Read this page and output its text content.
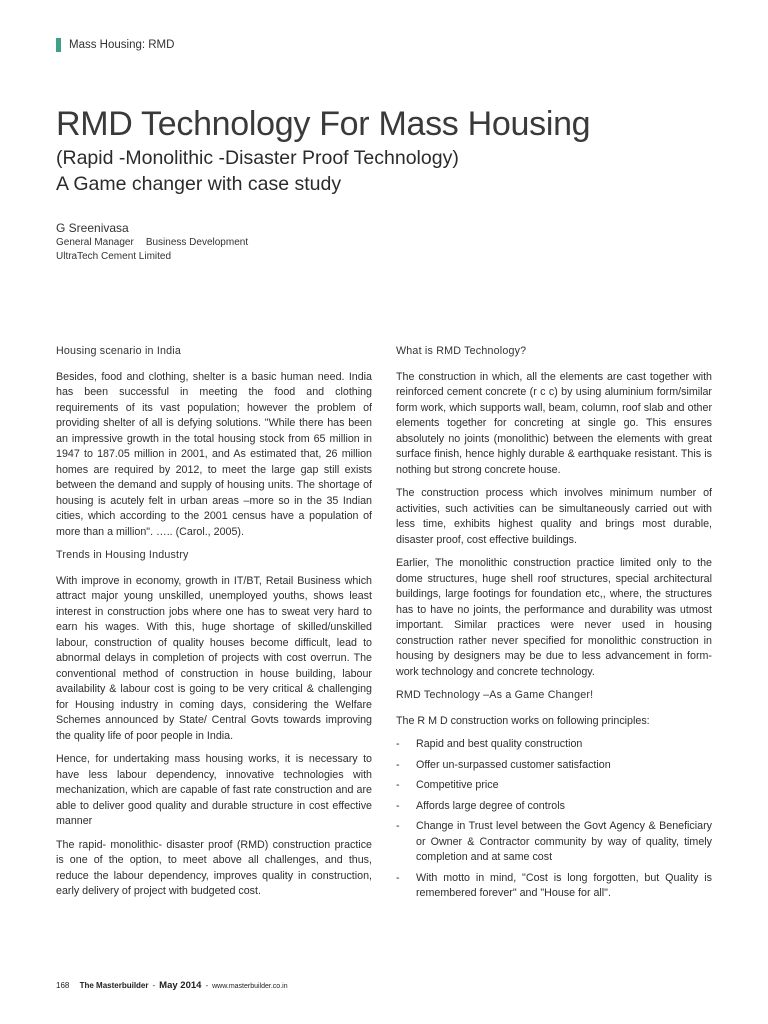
Mass Housing: RMD
RMD Technology For Mass Housing
(Rapid -Monolithic -Disaster Proof Technology)
A Game changer with case study
G Sreenivasa
General Manager Business Development
UltraTech Cement Limited
Housing scenario in India

Besides, food and clothing, shelter is a basic human need. India has been successful in meeting the food and clothing requirements of its vast population; however the problem of providing shelter of all is defying solutions. "While there has been an impressive growth in the total housing stock from 65 million in 1947 to 187.05 million in 2001, and As estimated that, 26 million homes are required by 2012, to meet the large gap still exists between the demand and supply of housing units. The shortage of housing is acutely felt in urban areas –more so in the 35 Indian cities, which according to the 2001 census have a population of more than a million". ….. (Carol., 2005).

Trends in Housing Industry

With improve in economy, growth in IT/BT, Retail Business which attract major young unskilled, unemployed youths, shows least interest in construction jobs where one has to sweat very hard to earn his wages. With this, huge shortage of skilled/unskilled labour, construction of quality houses become difficult, lead to abnormal delays in completion of projects with cost overrun. The conventional method of construction in house building, labour availability & labour cost is going to be very critical & challenging for Housing industry in coming days, considering the Welfare Schemes announced by State/ Central Govts towards improving the quality life of poor people in India.

Hence, for undertaking mass housing works, it is necessary to have less labour dependency, innovative technologies with mechanization, which are capable of fast rate construction and are able to deliver good quality and durable structure in cost effective manner

The rapid- monolithic- disaster proof (RMD) construction practice is one of the option, to meet above all challenges, and thus, reduce the labour dependency, improves quality in construction, early delivery of project with budgeted cost.

What is RMD Technology?

The construction in which, all the elements are cast together with reinforced cement concrete (r c c) by using aluminium form/similar form work, which supports wall, beam, column, roof slab and other elements together for concreting at single go. This ensures absolutely no joints (monolithic) between the elements with great surface finish, hence highly durable & earthquake resistant. This is nothing but strong concrete house.

The construction process which involves minimum number of activities, such activities can be simultaneously carried out with less time, exhibits highest quality and brings most durable, disaster proof, cost effective buildings.

Earlier, The monolithic construction practice limited only to the dome structures, huge shell roof structures, special architectural buildings, large footings for foundation etc,, where, the structures has to have no joints, the performance and durability was utmost important. Similar practices were never used in housing construction rather never specified for monolithic construction in housing by designers may be due to less advancement in form-work technology and concrete technology.

RMD Technology –As a Game Changer!

The R M D construction works on following principles:

- Rapid and best quality construction
- Offer un-surpassed customer satisfaction
- Competitive price
- Affords large degree of controls
- Change in Trust level between the Govt Agency & Beneficiary or Owner & Contractor community by way of quality, timely completion and at same cost
- With motto in mind, "Cost is long forgotten, but Quality is remembered forever" and "House for all".
168
The Masterbuilder - May 2014 - www.masterbuilder.co.in
